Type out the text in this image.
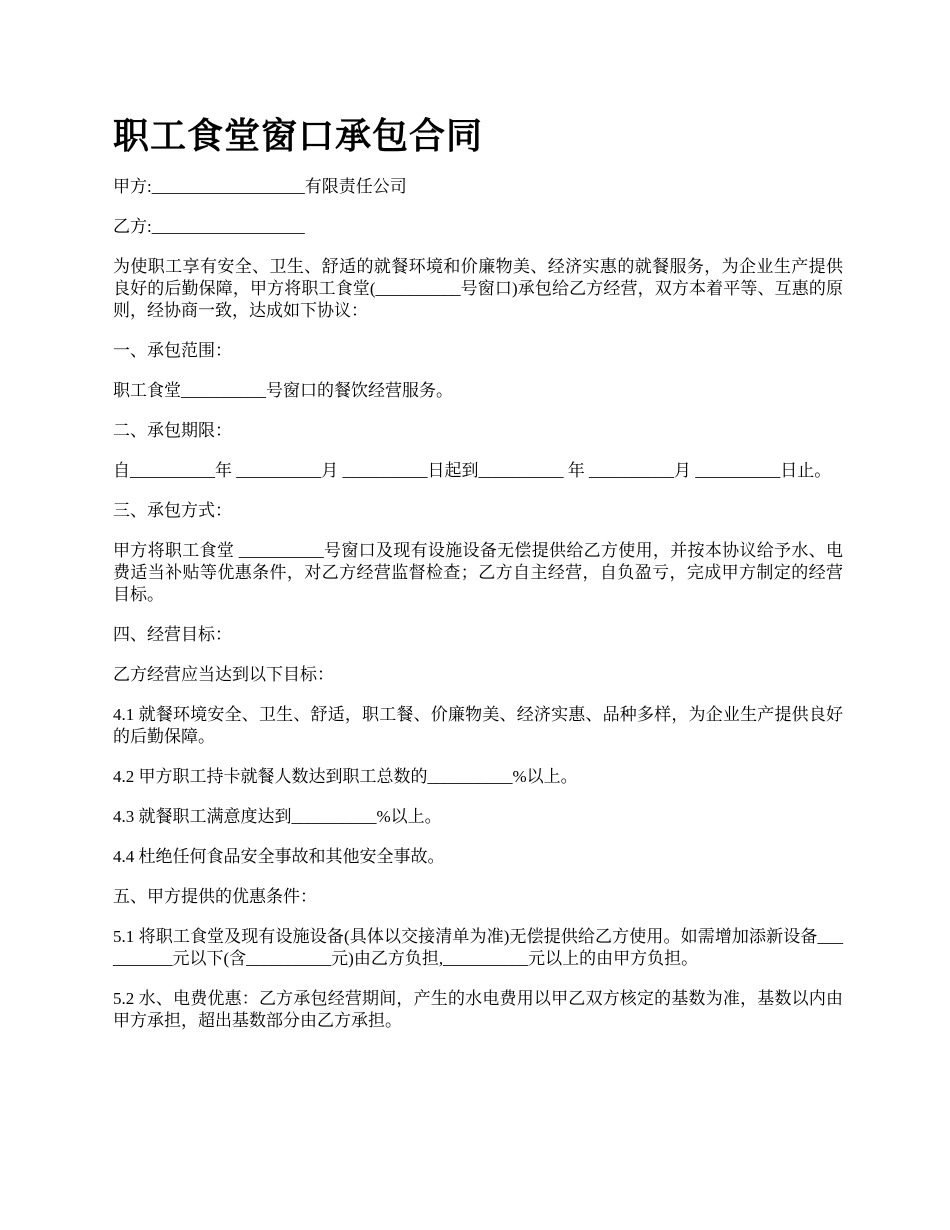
职工食堂窗口承包合同

甲方:__________________有限责任公司

乙方:__________________

为使职工享有安全、卫生、舒适的就餐环境和价廉物美、经济实惠的就餐服务，为企业生产提供良好的后勤保障，甲方将职工食堂(__________号窗口)承包给乙方经营，双方本着平等、互惠的原则，经协商一致，达成如下协议：

一、承包范围：

职工食堂__________号窗口的餐饮经营服务。

二、承包期限：

自__________年 __________月 __________日起到__________ 年 __________月 __________日止。

三、承包方式：

甲方将职工食堂 __________号窗口及现有设施设备无偿提供给乙方使用，并按本协议给予水、电费适当补贴等优惠条件，对乙方经营监督检查；乙方自主经营，自负盈亏，完成甲方制定的经营目标。

四、经营目标：

乙方经营应当达到以下目标：

4.1 就餐环境安全、卫生、舒适，职工餐、价廉物美、经济实惠、品种多样，为企业生产提供良好的后勤保障。

4.2 甲方职工持卡就餐人数达到职工总数的__________%以上。

4.3 就餐职工满意度达到__________%以上。

4.4 杜绝任何食品安全事故和其他安全事故。

五、甲方提供的优惠条件：

5.1 将职工食堂及现有设施设备(具体以交接清单为准)无偿提供给乙方使用。如需增加添新设备__________元以下(含__________元)由乙方负担,__________元以上的由甲方负担。

5.2 水、电费优惠：乙方承包经营期间，产生的水电费用以甲乙双方核定的基数为准，基数以内由甲方承担，超出基数部分由乙方承担。
